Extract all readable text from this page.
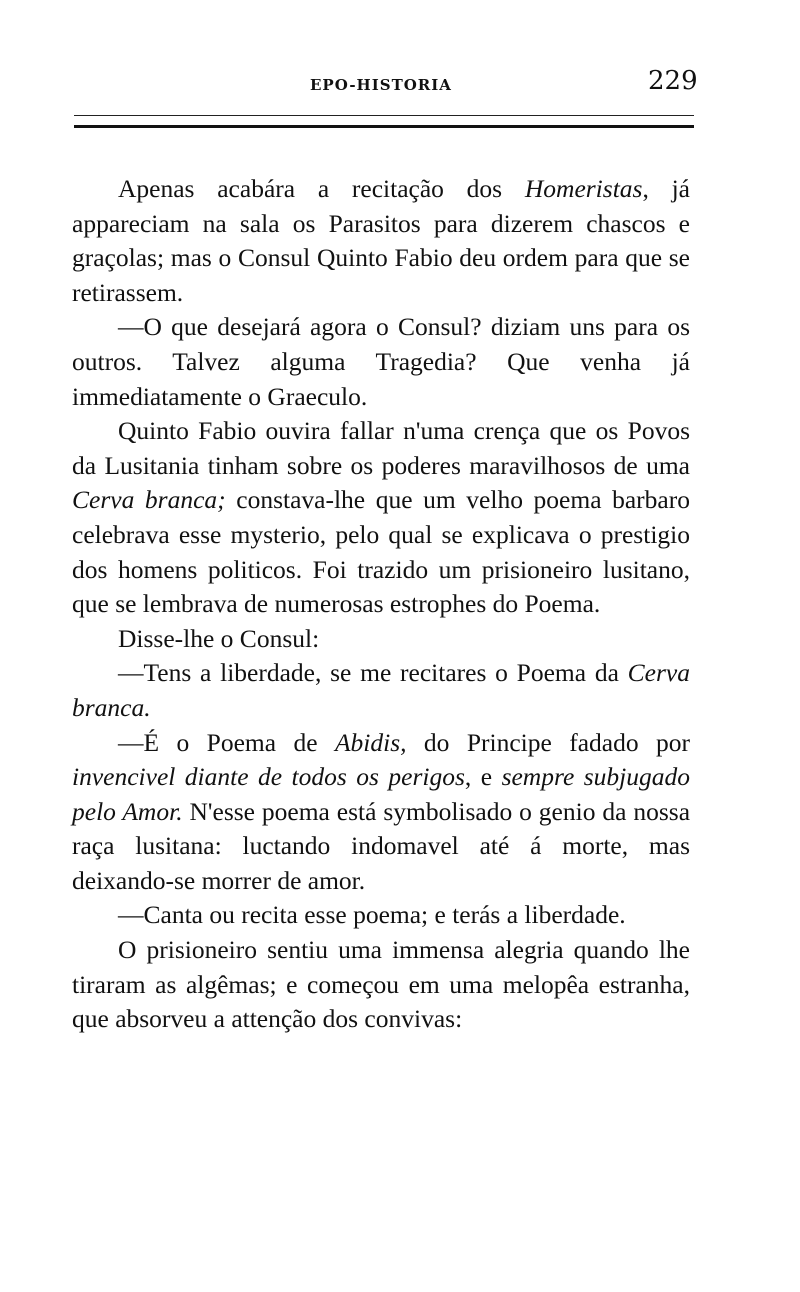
EPO-HISTORIA	229

Apenas acabára a recitação dos Homeristas, já appareciam na sala os Parasitos para dizerem chascos e graçolas; mas o Consul Quinto Fabio deu ordem para que se retirassem.

—O que desejará agora o Consul? diziam uns para os outros. Talvez alguma Tragedia? Que venha já immediatamente o Graeculo.

Quinto Fabio ouvira fallar n'uma crença que os Povos da Lusitania tinham sobre os poderes maravilhosos de uma Cerva branca; constava-lhe que um velho poema barbaro celebrava esse mysterio, pelo qual se explicava o prestigio dos homens politicos. Foi trazido um prisioneiro lusitano, que se lembrava de numerosas estrophes do Poema.

Disse-lhe o Consul:

—Tens a liberdade, se me recitares o Poema da Cerva branca.

—É o Poema de Abidis, do Principe fadado por invencivel diante de todos os perigos, e sempre subjugado pelo Amor. N'esse poema está symbolisado o genio da nossa raça lusitana: luctando indomavel até á morte, mas deixando-se morrer de amor.

—Canta ou recita esse poema; e terás a liberdade.

O prisioneiro sentiu uma immensa alegria quando lhe tiraram as algêmas; e começou em uma melopêa estranha, que absorveu a attenção dos convivas:
